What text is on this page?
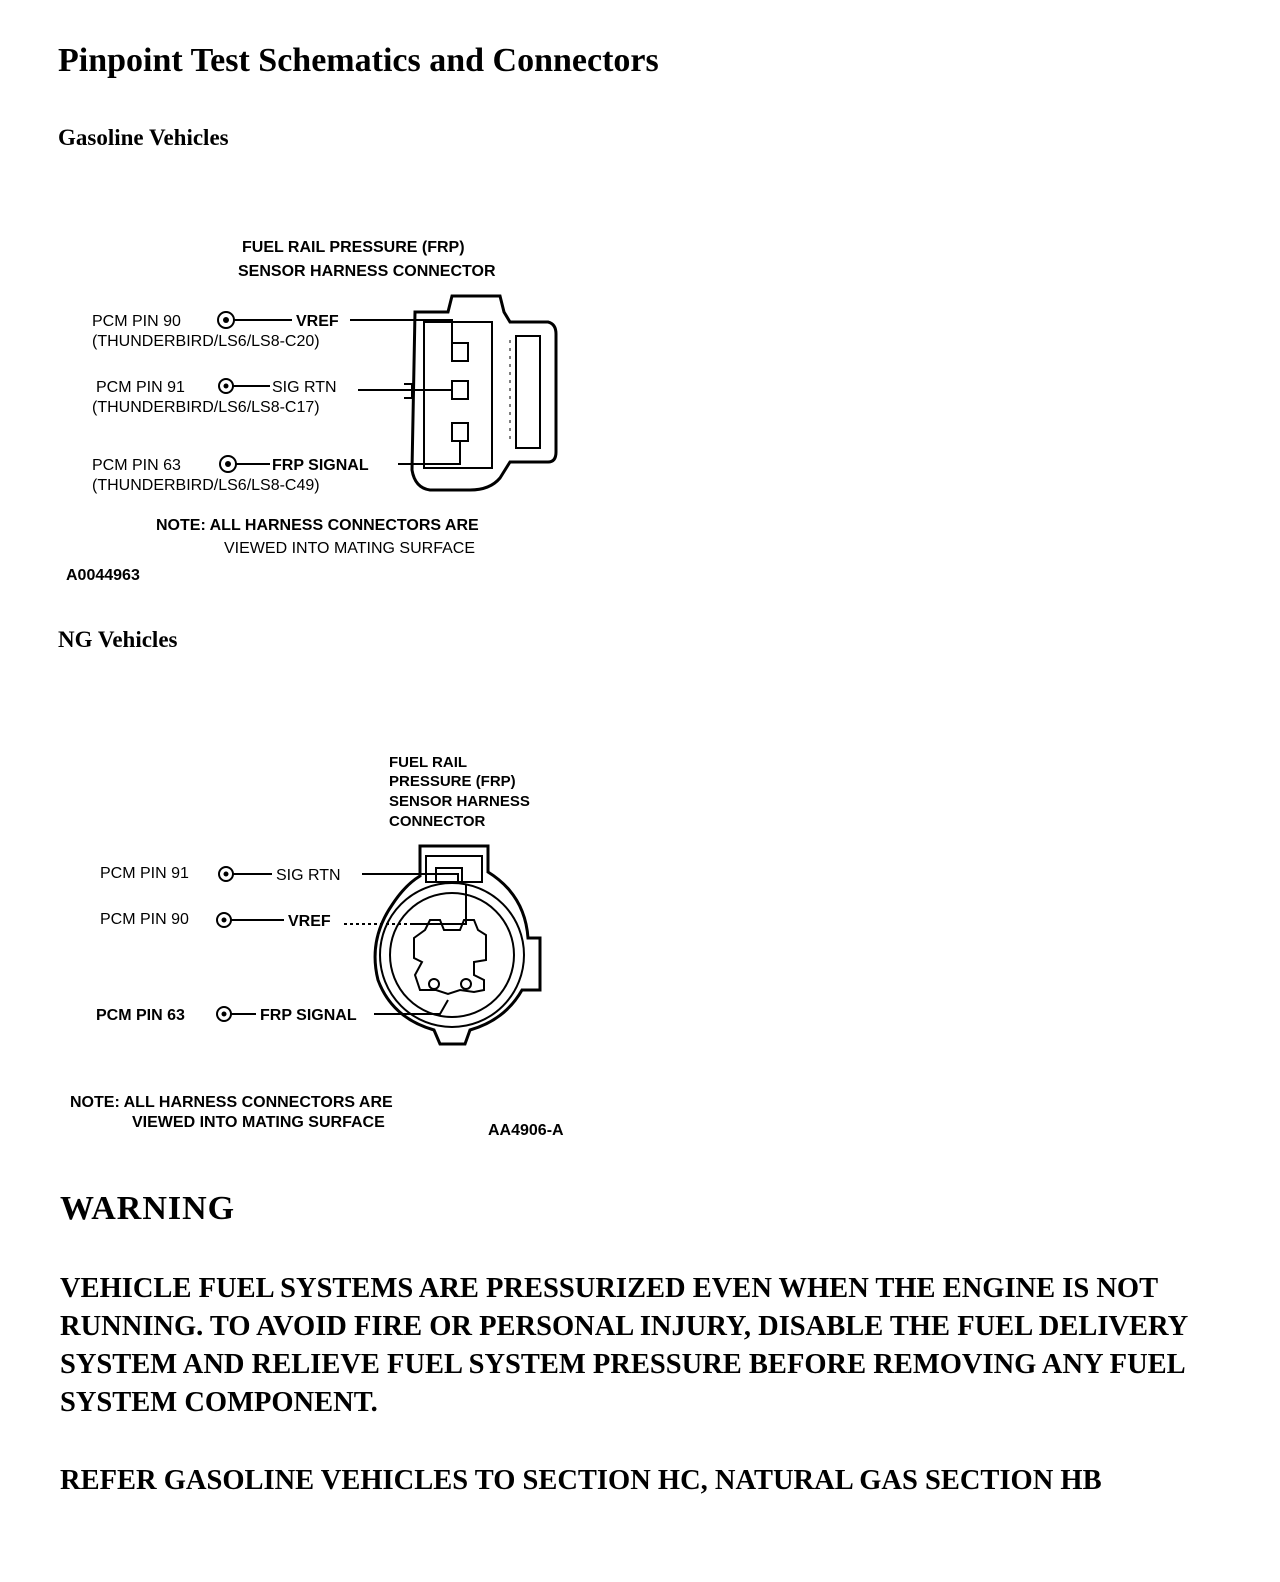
Pinpoint Test Schematics and Connectors
Gasoline Vehicles
NG Vehicles
FUEL RAIL PRESSURE (FRP)
SENSOR HARNESS CONNECTOR
PCM PIN 90	VREF
(THUNDERBIRD/LS6/LS8-C20)
PCM PIN 91	SIG RTN
(THUNDERBIRD/LS6/LS8-C17)
PCM PIN 63	FRP SIGNAL
(THUNDERBIRD/LS6/LS8-C49)
NOTE: ALL HARNESS CONNECTORS ARE
VIEWED INTO MATING SURFACE
A0044963
FUEL RAIL
PRESSURE (FRP)
SENSOR HARNESS
CONNECTOR
PCM PIN 91	SIG RTN
PCM PIN 90	VREF
PCM PIN 63	FRP SIGNAL
NOTE: ALL HARNESS CONNECTORS ARE
VIEWED INTO MATING SURFACE	AA4906-A
WARNING
VEHICLE FUEL SYSTEMS ARE PRESSURIZED EVEN WHEN THE ENGINE IS NOT RUNNING. TO AVOID FIRE OR PERSONAL INJURY, DISABLE THE FUEL DELIVERY SYSTEM AND RELIEVE FUEL SYSTEM PRESSURE BEFORE REMOVING ANY FUEL SYSTEM COMPONENT.
REFER GASOLINE VEHICLES TO SECTION HC, NATURAL GAS SECTION HB
